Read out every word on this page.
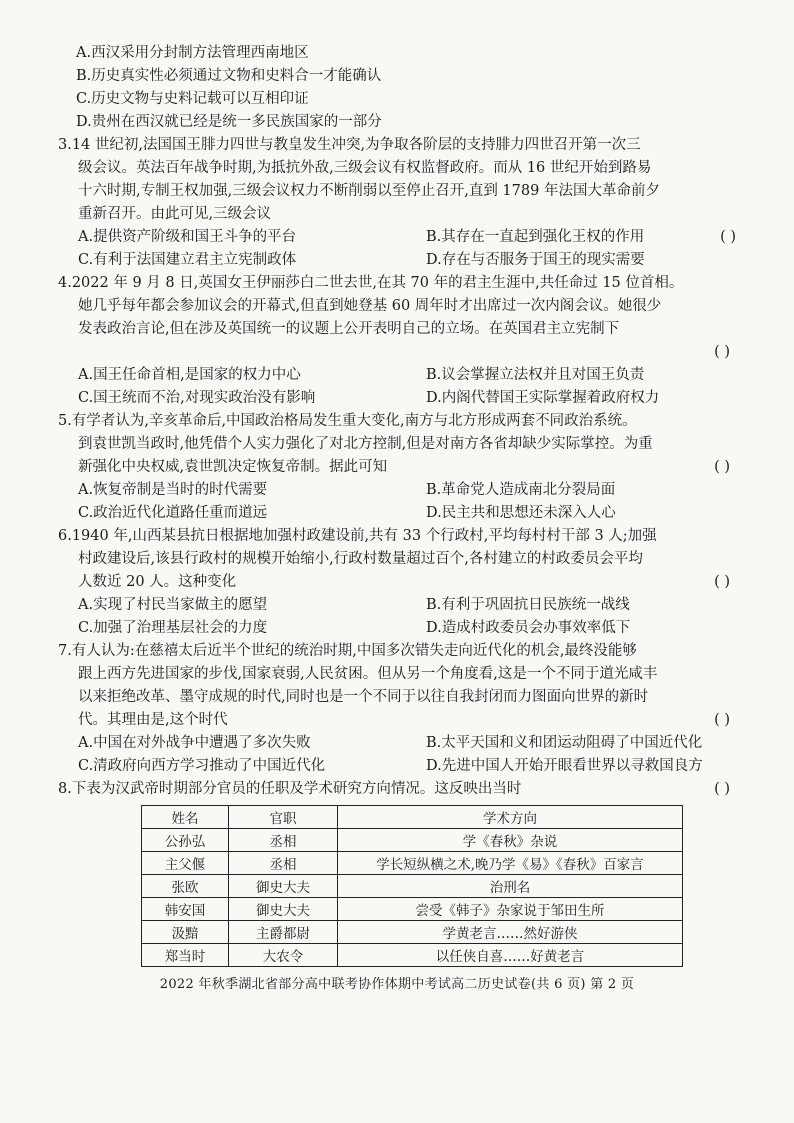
A.西汉采用分封制方法管理西南地区
B.历史真实性必须通过文物和史料合一才能确认
C.历史文物与史料记载可以互相印证
D.贵州在西汉就已经是统一多民族国家的一部分
3.14 世纪初,法国国王腓力四世与教皇发生冲突,为争取各阶层的支持腓力四世召开第一次三
级会议。英法百年战争时期,为抵抗外敌,三级会议有权监督政府。而从 16 世纪开始到路易
十六时期,专制王权加强,三级会议权力不断削弱以至停止召开,直到 1789 年法国大革命前夕
重新召开。由此可见,三级会议
A.提供资产阶级和国王斗争的平台	B.其存在一直起到强化王权的作用
C.有利于法国建立君主立宪制政体	D.存在与否服务于国王的现实需要
( )
4.2022 年 9 月 8 日,英国女王伊丽莎白二世去世,在其 70 年的君主生涯中,共任命过 15 位首相。
她几乎每年都会参加议会的开幕式,但直到她登基 60 周年时才出席过一次内阁会议。她很少
发表政治言论,但在涉及英国统一的议题上公开表明自己的立场。在英国君主立宪制下
( )
A.国王任命首相,是国家的权力中心	B.议会掌握立法权并且对国王负责
C.国王统而不治,对现实政治没有影响	D.内阁代替国王实际掌握着政府权力
5.有学者认为,辛亥革命后,中国政治格局发生重大变化,南方与北方形成两套不同政治系统。
到袁世凯当政时,他凭借个人实力强化了对北方控制,但是对南方各省却缺少实际掌控。为重
新强化中央权威,袁世凯决定恢复帝制。据此可知	( )
A.恢复帝制是当时的时代需要	B.革命党人造成南北分裂局面
C.政治近代化道路任重而道远	D.民主共和思想还未深入人心
6.1940 年,山西某县抗日根据地加强村政建设前,共有 33 个行政村,平均每村村干部 3 人;加强
村政建设后,该县行政村的规模开始缩小,行政村数量超过百个,各村建立的村政委员会平均
人数近 20 人。这种变化	( )
A.实现了村民当家做主的愿望	B.有利于巩固抗日民族统一战线
C.加强了治理基层社会的力度	D.造成村政委员会办事效率低下
7.有人认为:在慈禧太后近半个世纪的统治时期,中国多次错失走向近代化的机会,最终没能够
跟上西方先进国家的步伐,国家衰弱,人民贫困。但从另一个角度看,这是一个不同于道光咸丰
以来拒绝改革、墨守成规的时代,同时也是一个不同于以往自我封闭而力图面向世界的新时
代。其理由是,这个时代	( )
A.中国在对外战争中遭遇了多次失败	B.太平天国和义和团运动阻碍了中国近代化
C.清政府向西方学习推动了中国近代化	D.先进中国人开始开眼看世界以寻救国良方
8.下表为汉武帝时期部分官员的任职及学术研究方向情况。这反映出当时	( )
姓名	官职	学术方向
公孙弘	丞相	学《春秋》杂说
主父偃	丞相	学长短纵横之术,晚乃学《易》《春秋》百家言
张欧	御史大夫	治刑名
韩安国	御史大夫	尝受《韩子》杂家说于邹田生所
汲黯	主爵都尉	学黄老言……然好游侠
郑当时	大农令	以任侠自喜……好黄老言
2022 年秋季湖北省部分高中联考协作体期中考试高二历史试卷(共 6 页) 第 2 页
